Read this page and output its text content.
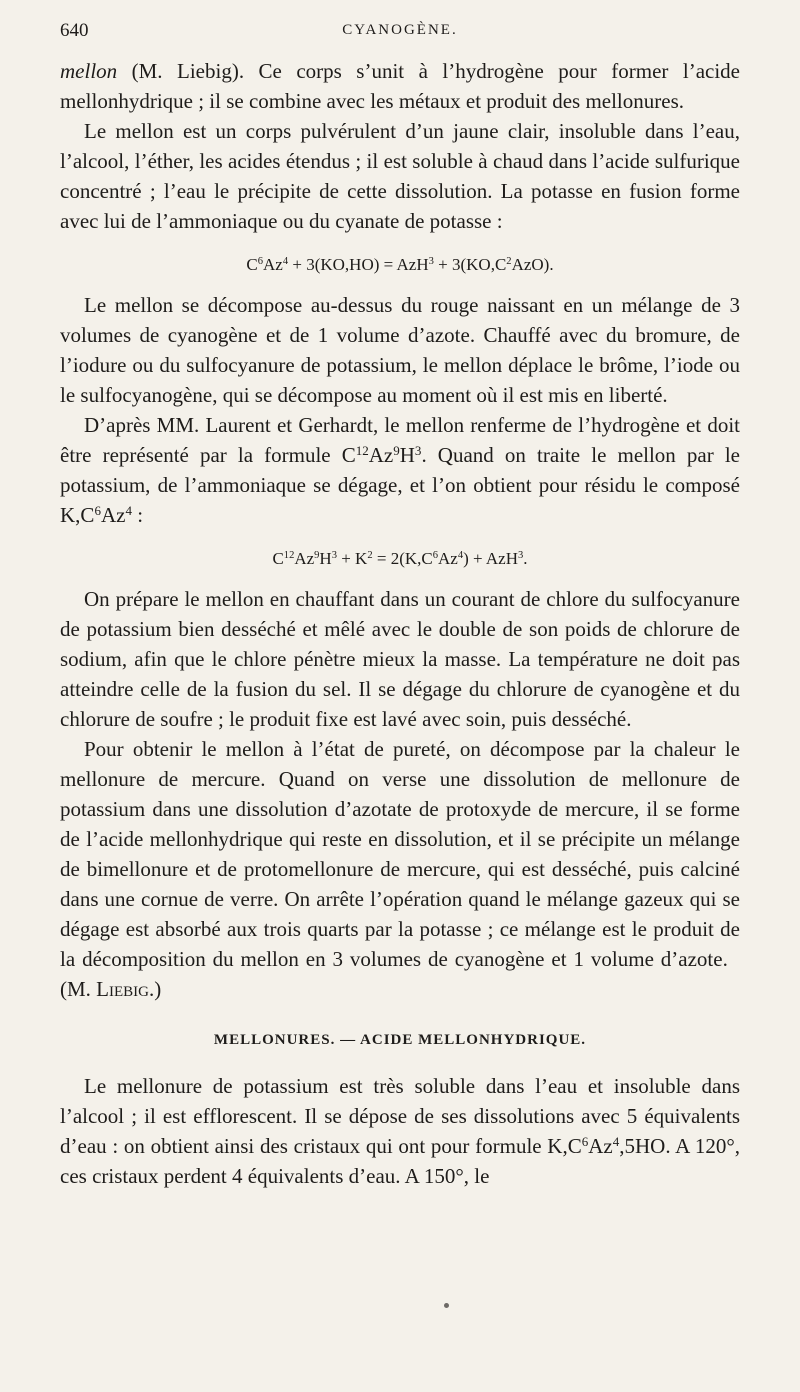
640	CYANOGÈNE.

mellon (M. Liebig). Ce corps s’unit à l’hydrogène pour former l’acide mellonhydrique ; il se combine avec les métaux et produit des mellonures.

Le mellon est un corps pulvérulent d’un jaune clair, insoluble dans l’eau, l’alcool, l’éther, les acides étendus ; il est soluble à chaud dans l’acide sulfurique concentré ; l’eau le précipite de cette dissolution. La potasse en fusion forme avec lui de l’ammoniaque ou du cyanate de potasse :

$C^6Az^4 + 3(KO,HO) = AzH^3 + 3(KO,C^2AzO)$.

Le mellon se décompose au-dessus du rouge naissant en un mélange de 3 volumes de cyanogène et de 1 volume d’azote. Chauffé avec du bromure, de l’iodure ou du sulfocyanure de potassium, le mellon déplace le brôme, l’iode ou le sulfocyanogène, qui se décompose au moment où il est mis en liberté.

D’après MM. Laurent et Gerhardt, le mellon renferme de l’hydrogène et doit être représenté par la formule $C^{12}Az^9H^3$. Quand on traite le mellon par le potassium, de l’ammoniaque se dégage, et l’on obtient pour résidu le composé $K,C^6Az^4$ :

$C^{12}Az^9H^3 + K^2 = 2(K,C^6Az^4) + AzH^3$.

On prépare le mellon en chauffant dans un courant de chlore du sulfocyanure de potassium bien desséché et mêlé avec le double de son poids de chlorure de sodium, afin que le chlore pénètre mieux la masse. La température ne doit pas atteindre celle de la fusion du sel. Il se dégage du chlorure de cyanogène et du chlorure de soufre ; le produit fixe est lavé avec soin, puis desséché.

Pour obtenir le mellon à l’état de pureté, on décompose par la chaleur le mellonure de mercure. Quand on verse une dissolution de mellonure de potassium dans une dissolution d’azotate de protoxyde de mercure, il se forme de l’acide mellonhydrique qui reste en dissolution, et il se précipite un mélange de bimellonure et de protomellonure de mercure, qui est desséché, puis calciné dans une cornue de verre. On arrête l’opération quand le mélange gazeux qui se dégage est absorbé aux trois quarts par la potasse ; ce mélange est le produit de la décomposition du mellon en 3 volumes de cyanogène et 1 volume d’azote.   (M. Liebig.)

MELLONURES. — ACIDE MELLONHYDRIQUE.

Le mellonure de potassium est très soluble dans l’eau et insoluble dans l’alcool ; il est efflorescent. Il se dépose de ses dissolutions avec 5 équivalents d’eau : on obtient ainsi des cristaux qui ont pour formule $K,C^6Az^4,5HO$. A 120°, ces cristaux perdent 4 équivalents d’eau. A 150°, le
